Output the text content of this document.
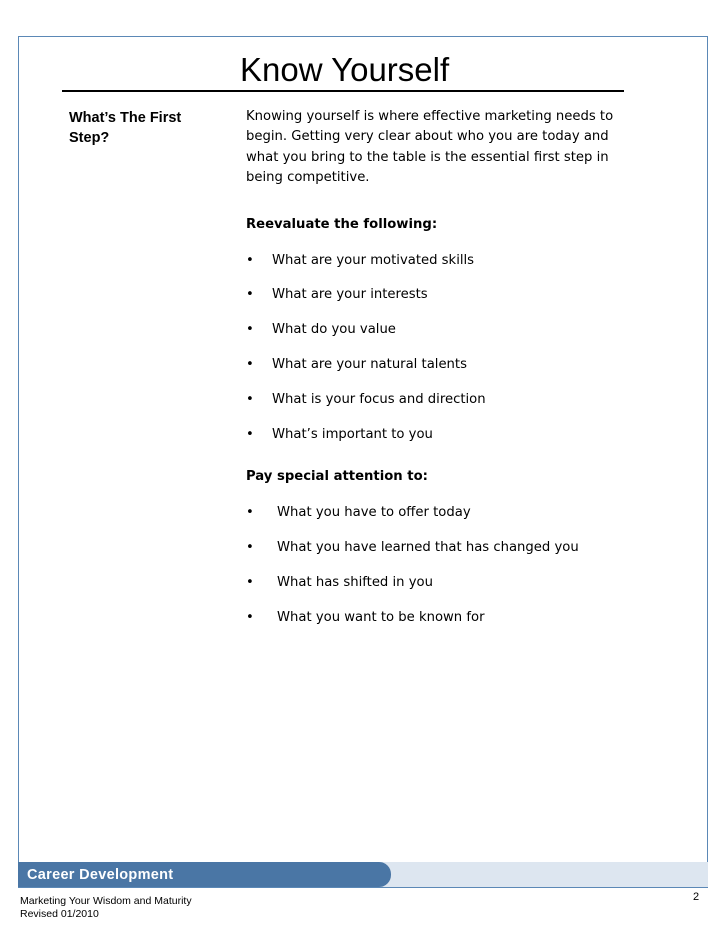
Know Yourself
What’s The First Step?

Knowing yourself is where effective marketing needs to begin. Getting very clear about who you are today and what you bring to the table is the essential first step in being competitive.

Reevaluate the following:
• What are your motivated skills
• What are your interests
• What do you value
• What are your natural talents
• What is your focus and direction
• What’s important to you
Pay special attention to:
• What you have to offer today
• What you have learned that has changed you
• What has shifted in you
• What you want to be known for
Career Development
Marketing Your Wisdom and Maturity
Revised 01/2010
2
